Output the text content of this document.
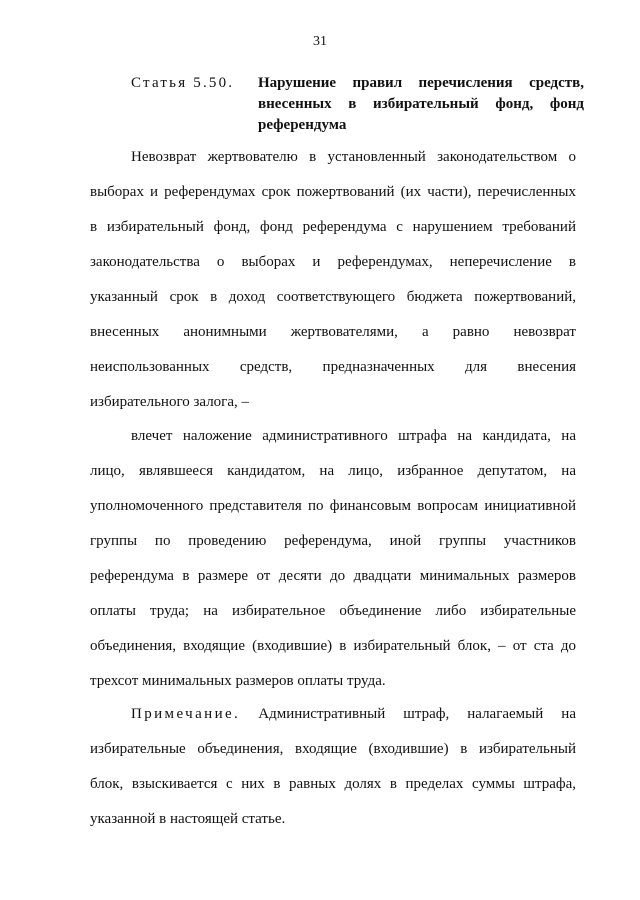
31
Статья 5.50. Нарушение правил перечисления средств,
внесенных в избирательный фонд, фонд
референдума
Невозврат жертвователю в установленный законодательством о
выборах и референдумах срок пожертвований (их части), перечисленных
в избирательный фонд, фонд референдума с нарушением требований
законодательства о выборах и референдумах, неперечисление в
указанный срок в доход соответствующего бюджета пожертвований,
внесенных анонимными жертвователями, а равно невозврат
неиспользованных средств, предназначенных для внесения
избирательного залога, –
влечет наложение административного штрафа на кандидата, на
лицо, являвшееся кандидатом, на лицо, избранное депутатом, на
уполномоченного представителя по финансовым вопросам инициативной
группы по проведению референдума, иной группы участников
референдума в размере от десяти до двадцати минимальных размеров
оплаты труда; на избирательное объединение либо избирательные
объединения, входящие (входившие) в избирательный блок, – от ста до
трехсот минимальных размеров оплаты труда.
Примечание. Административный штраф, налагаемый на
избирательные объединения, входящие (входившие) в избирательный
блок, взыскивается с них в равных долях в пределах суммы штрафа,
указанной в настоящей статье.
